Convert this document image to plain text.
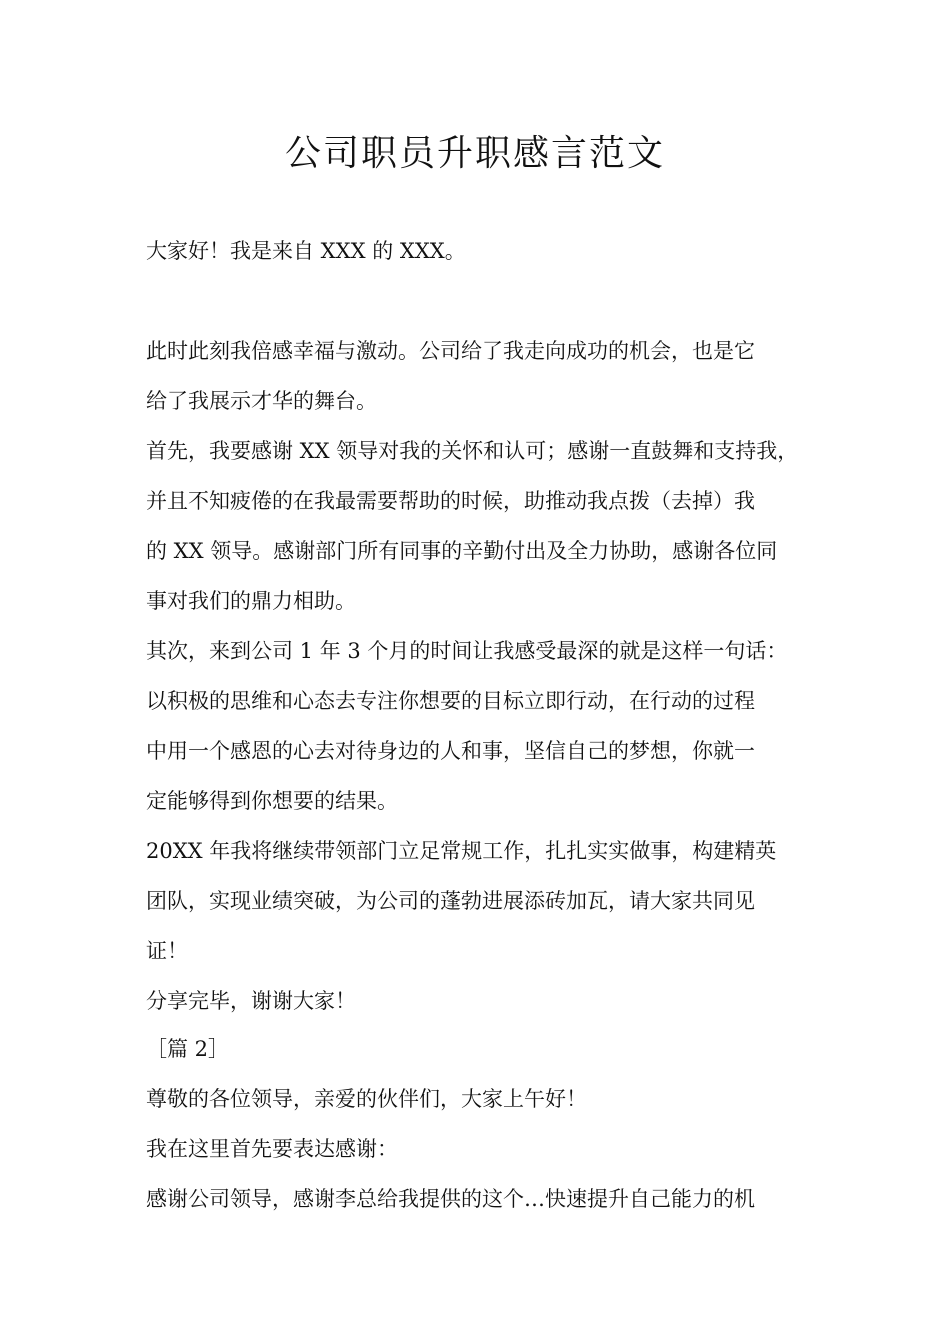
公司职员升职感言范文
大家好！我是来自 XXX 的 XXX。
此时此刻我倍感幸福与激动。公司给了我走向成功的机会，也是它
给了我展示才华的舞台。
首先，我要感谢 XX 领导对我的关怀和认可；感谢一直鼓舞和支持我，
并且不知疲倦的在我最需要帮助的时候，助推动我点拨（去掉）我
的 XX 领导。感谢部门所有同事的辛勤付出及全力协助，感谢各位同
事对我们的鼎力相助。
其次，来到公司 1 年 3 个月的时间让我感受最深的就是这样一句话：
以积极的思维和心态去专注你想要的目标立即行动，在行动的过程
中用一个感恩的心去对待身边的人和事，坚信自己的梦想，你就一
定能够得到你想要的结果。
20XX 年我将继续带领部门立足常规工作，扎扎实实做事，构建精英
团队，实现业绩突破，为公司的蓬勃进展添砖加瓦，请大家共同见
证！
分享完毕，谢谢大家！
［篇 2］
尊敬的各位领导，亲爱的伙伴们，大家上午好！
我在这里首先要表达感谢：
感谢公司领导，感谢李总给我提供的这个…快速提升自己能力的机
